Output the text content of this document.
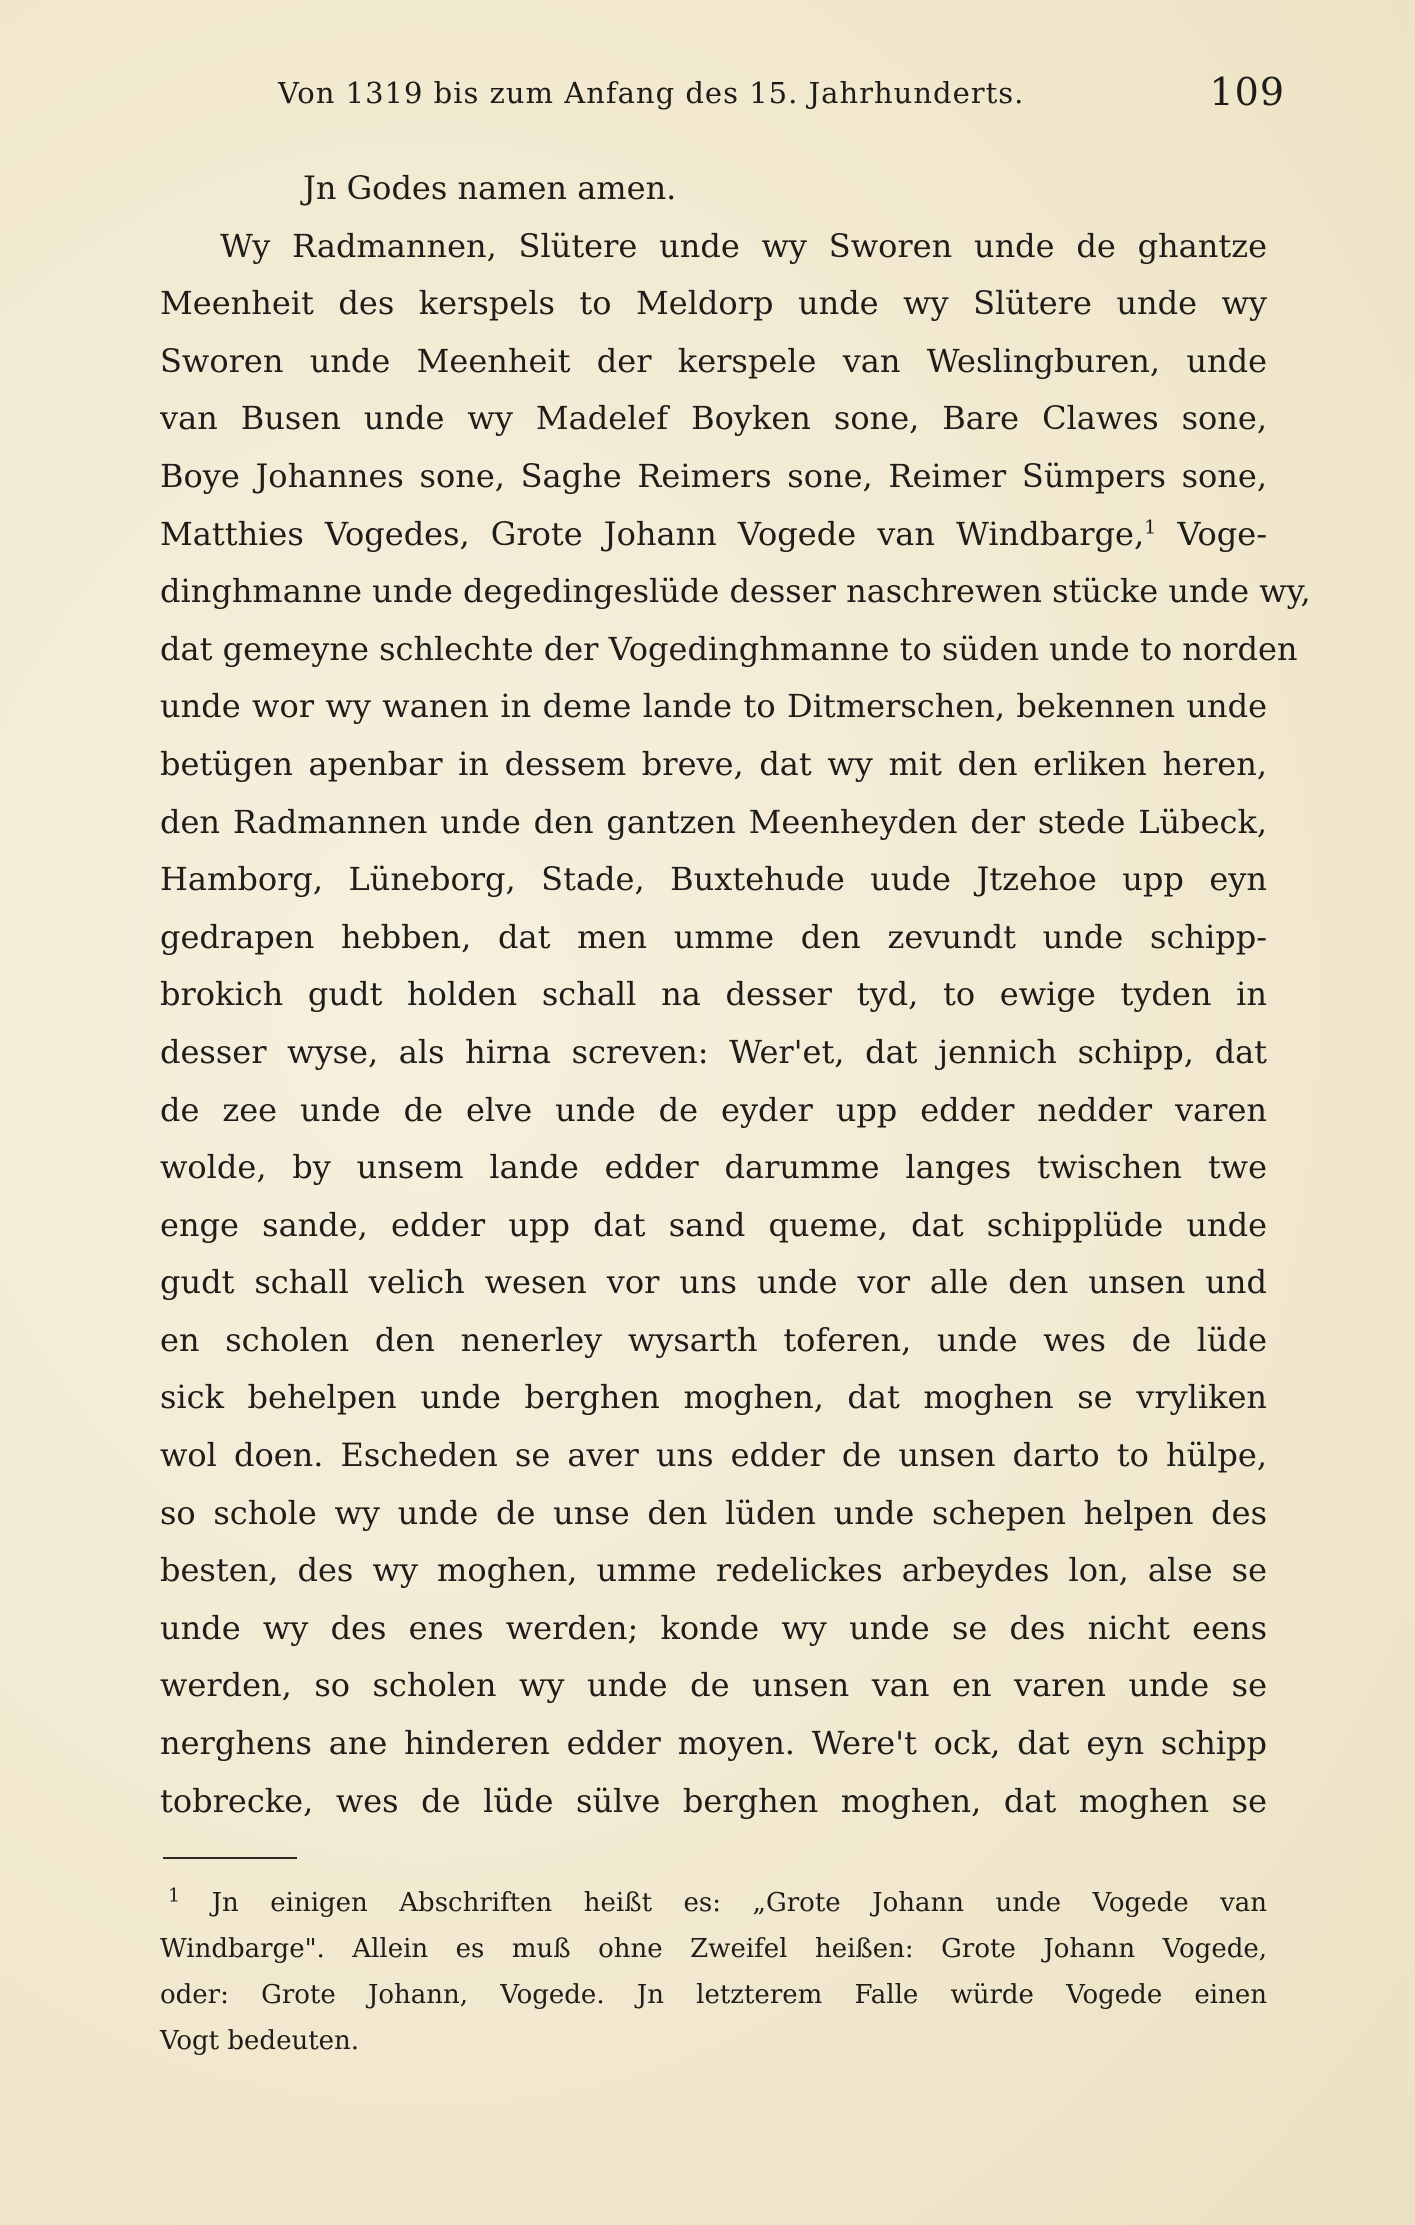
Von 1319 bis zum Anfang des 15. Jahrhunderts.	109
Jn Godes namen amen.
Wy Radmannen, Slütere unde wy Sworen unde de ghantze
Meenheit des kerspels to Meldorp unde wy Slütere unde wy
Sworen unde Meenheit der kerspele van Weslingburen, unde
van Busen unde wy Madelef Boyken sone, Bare Clawes sone,
Boye Johannes sone, Saghe Reimers sone, Reimer Sümpers sone,
Matthies Vogedes, Grote Johann Vogede van Windbarge,$^1$ Voge-
dinghmanne unde degedingeslüde desser naschrewen stücke unde wy,
dat gemeyne schlechte der Vogedinghmanne to süden unde to norden
unde wor wy wanen in deme lande to Ditmerschen, bekennen unde
betügen apenbar in dessem breve, dat wy mit den erliken heren,
den Radmannen unde den gantzen Meenheyden der stede Lübeck,
Hamborg, Lüneborg, Stade, Buxtehude uude Jtzehoe upp eyn
gedrapen hebben, dat men umme den zevundt unde schipp-
brokich gudt holden schall na desser tyd, to ewige tyden in
desser wyse, als hirna screven: Wer'et, dat jennich schipp, dat
de zee unde de elve unde de eyder upp edder nedder varen
wolde, by unsem lande edder darumme langes twischen twe
enge sande, edder upp dat sand queme, dat schipplüde unde
gudt schall velich wesen vor uns unde vor alle den unsen und
en scholen den nenerley wysarth toferen, unde wes de lüde
sick behelpen unde berghen moghen, dat moghen se vryliken
wol doen. Escheden se aver uns edder de unsen darto to hülpe,
so schole wy unde de unse den lüden unde schepen helpen des
besten, des wy moghen, umme redelickes arbeydes lon, alse se
unde wy des enes werden; konde wy unde se des nicht eens
werden, so scholen wy unde de unsen van en varen unde se
nerghens ane hinderen edder moyen. Were't ock, dat eyn schipp
tobrecke, wes de lüde sülve berghen moghen, dat moghen se
$^1$ Jn einigen Abschriften heißt es: „Grote Johann unde Vogede van
Windbarge". Allein es muß ohne Zweifel heißen: Grote Johann Vogede,
oder: Grote Johann, Vogede. Jn letzterem Falle würde Vogede einen
Vogt bedeuten.
